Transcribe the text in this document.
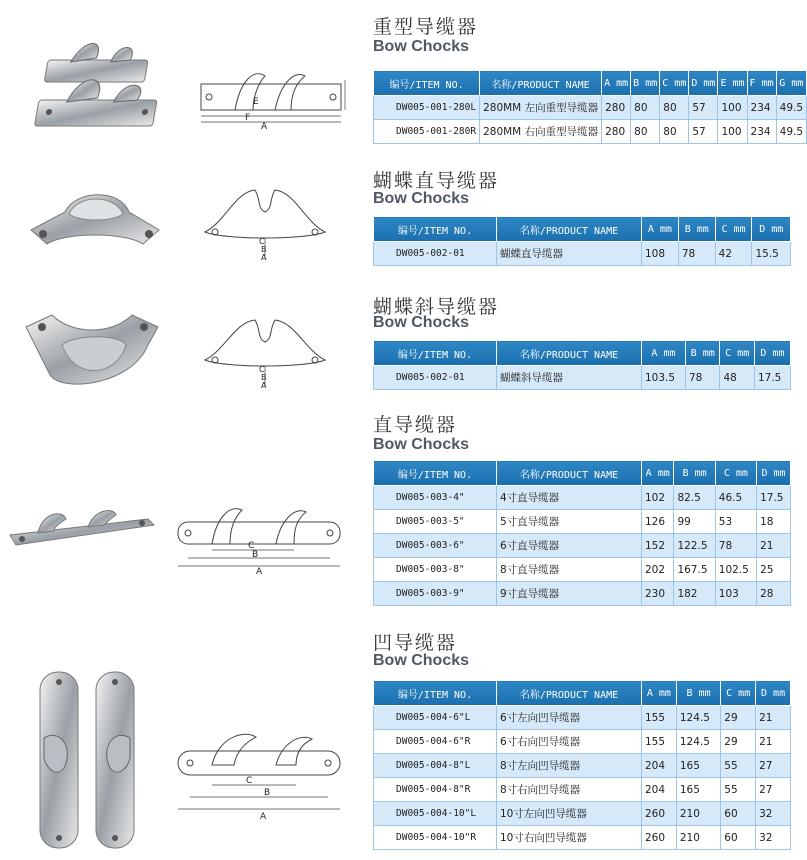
重型导缆器
Bow Chocks
E
F
A
编号/ITEM NO.	名称/PRODUCT NAME	A mm	B mm	C mm	D mm	E mm	F mm	G mm
DW005-001-280L	280MM 左向重型导缆器	280	80	80	57	100	234	49.5
DW005-001-280R	280MM 右向重型导缆器	280	80	80	57	100	234	49.5
蝴蝶直导缆器
Bow Chocks
C
B
A
编号/ITEM NO.	名称/PRODUCT NAME	A mm	B mm	C mm	D mm
DW005-002-01	蝴蝶直导缆器	108	78	42	15.5
蝴蝶斜导缆器
Bow Chocks
C
B
A
编号/ITEM NO.	名称/PRODUCT NAME	A mm	B mm	C mm	D mm
DW005-002-01	蝴蝶斜导缆器	103.5	78	48	17.5
直导缆器
Bow Chocks
C
B
A
编号/ITEM NO.	名称/PRODUCT NAME	A mm	B mm	C mm	D mm
DW005-003-4"	4寸直导缆器	102	82.5	46.5	17.5
DW005-003-5"	5寸直导缆器	126	99	53	18
DW005-003-6"	6寸直导缆器	152	122.5	78	21
DW005-003-8"	8寸直导缆器	202	167.5	102.5	25
DW005-003-9"	9寸直导缆器	230	182	103	28
凹导缆器
Bow Chocks
C
B
A
编号/ITEM NO.	名称/PRODUCT NAME	A mm	B mm	C mm	D mm
DW005-004-6"L	6寸左向凹导缆器	155	124.5	29	21
DW005-004-6"R	6寸右向凹导缆器	155	124.5	29	21
DW005-004-8"L	8寸左向凹导缆器	204	165	55	27
DW005-004-8"R	8寸右向凹导缆器	204	165	55	27
DW005-004-10"L	10寸左向凹导缆器	260	210	60	32
DW005-004-10"R	10寸右向凹导缆器	260	210	60	32
